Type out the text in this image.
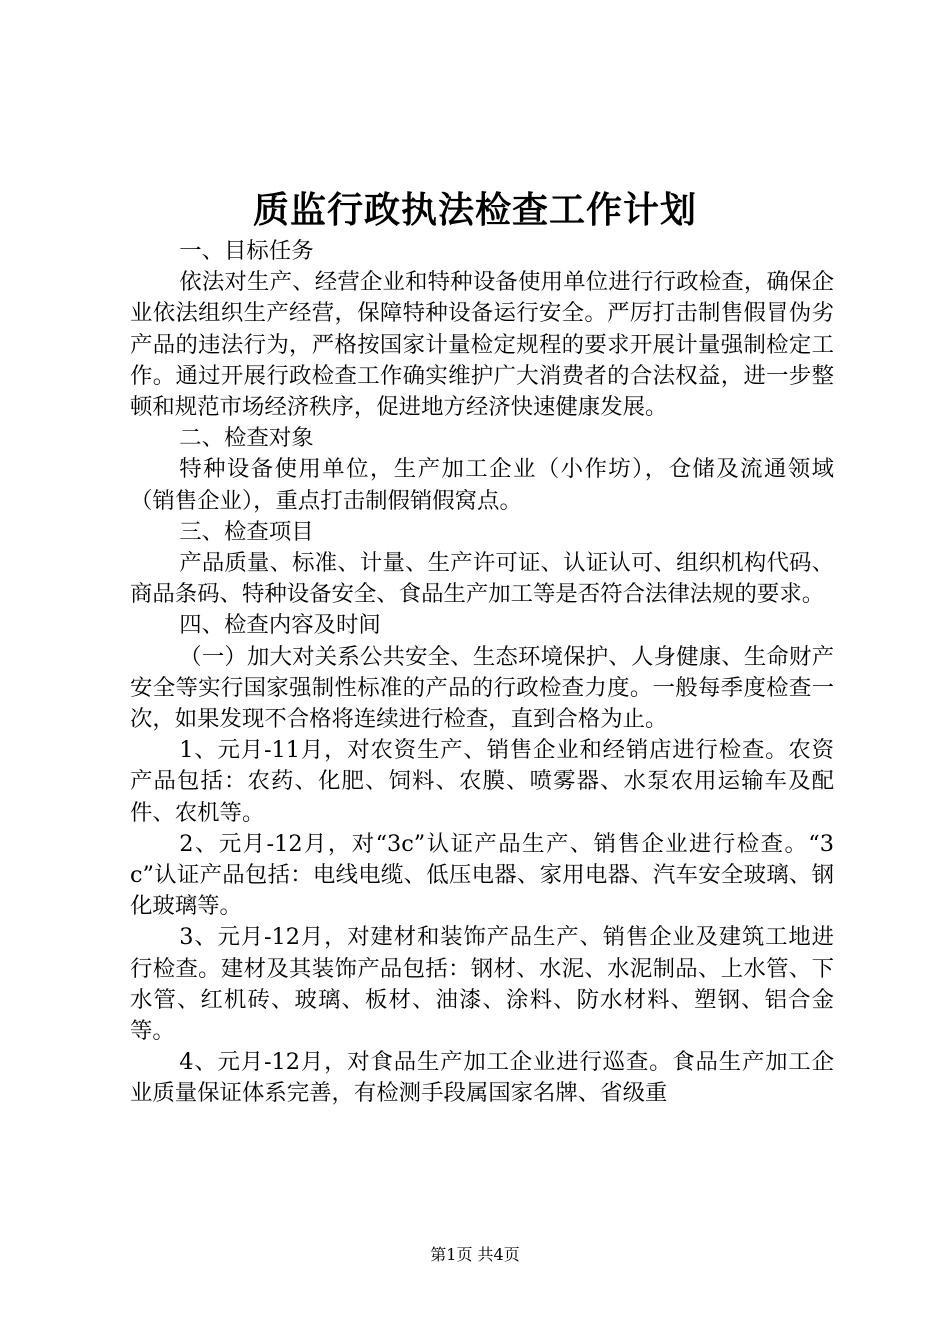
质监行政执法检查工作计划

一、目标任务

依法对生产、经营企业和特种设备使用单位进行行政检查，确保企业依法组织生产经营，保障特种设备运行安全。严厉打击制售假冒伪劣产品的违法行为，严格按国家计量检定规程的要求开展计量强制检定工作。通过开展行政检查工作确实维护广大消费者的合法权益，进一步整顿和规范市场经济秩序，促进地方经济快速健康发展。

二、检查对象

特种设备使用单位，生产加工企业（小作坊），仓储及流通领域（销售企业），重点打击制假销假窝点。

三、检查项目

产品质量、标准、计量、生产许可证、认证认可、组织机构代码、商品条码、特种设备安全、食品生产加工等是否符合法律法规的要求。

四、检查内容及时间

（一）加大对关系公共安全、生态环境保护、人身健康、生命财产安全等实行国家强制性标准的产品的行政检查力度。一般每季度检查一次，如果发现不合格将连续进行检查，直到合格为止。

1、元月-11月，对农资生产、销售企业和经销店进行检查。农资产品包括：农药、化肥、饲料、农膜、喷雾器、水泵农用运输车及配件、农机等。

2、元月-12月，对“3c”认证产品生产、销售企业进行检查。“3c”认证产品包括：电线电缆、低压电器、家用电器、汽车安全玻璃、钢化玻璃等。

3、元月-12月，对建材和装饰产品生产、销售企业及建筑工地进行检查。建材及其装饰产品包括：钢材、水泥、水泥制品、上水管、下水管、红机砖、玻璃、板材、油漆、涂料、防水材料、塑钢、铝合金等。

4、元月-12月，对食品生产加工企业进行巡查。食品生产加工企业质量保证体系完善，有检测手段属国家名牌、省级重

第1页 共4页
